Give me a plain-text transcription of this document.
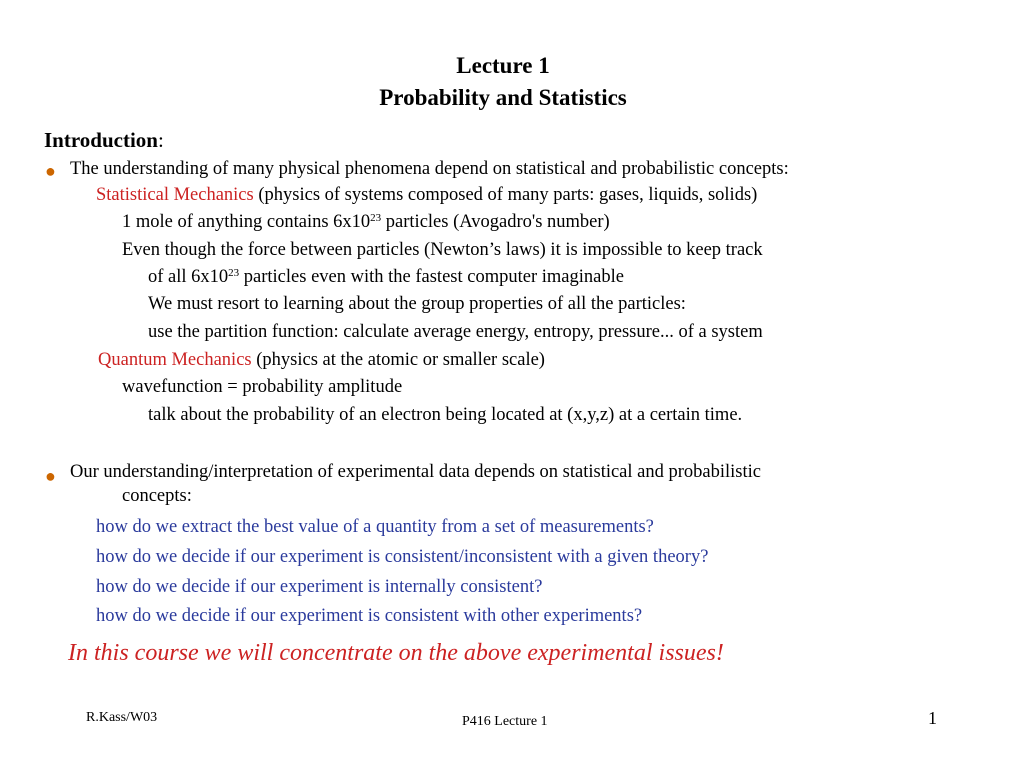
Lecture 1
Probability and Statistics
Introduction:
● The understanding of many physical phenomena depend on statistical and probabilistic concepts:
Statistical Mechanics (physics of systems composed of many parts: gases, liquids, solids)
1 mole of anything contains $6x10^{23}$ particles (Avogadro's number)
Even though the force between particles (Newton’s laws) it is impossible to keep track
of all $6x10^{23}$ particles even with the fastest computer imaginable
We must resort to learning about the group properties of all the particles:
use the partition function: calculate average energy, entropy, pressure... of a system
Quantum Mechanics (physics at the atomic or smaller scale)
wavefunction = probability amplitude
talk about the probability of an electron being located at (x,y,z) at a certain time.
● Our understanding/interpretation of experimental data depends on statistical and probabilistic
concepts:
how do we extract the best value of a quantity from a set of measurements?
how do we decide if our experiment is consistent/inconsistent with a given theory?
how do we decide if our experiment is internally consistent?
how do we decide if our experiment is consistent with other experiments?
In this course we will concentrate on the above experimental issues!
R.Kass/W03	P416 Lecture 1	1
